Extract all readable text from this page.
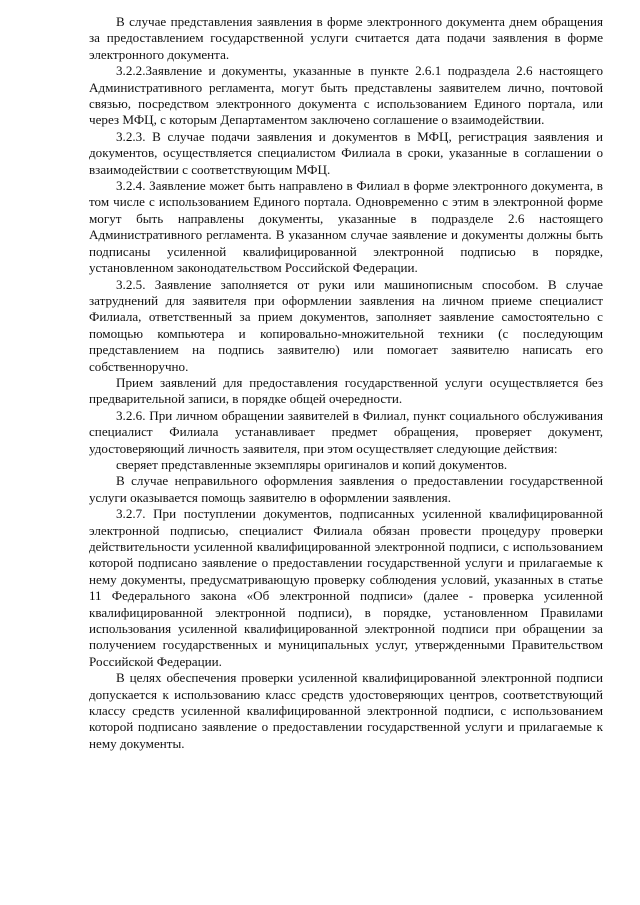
В случае представления заявления в форме электронного документа днем обращения за предоставлением государственной услуги считается дата подачи заявления в форме электронного документа.

3.2.2.Заявление и документы, указанные в пункте 2.6.1 подраздела 2.6 настоящего Административного регламента, могут быть представлены заявителем лично, почтовой связью, посредством электронного документа с использованием Единого портала, или через МФЦ, с которым Департаментом заключено соглашение о взаимодействии.

3.2.3. В случае подачи заявления и документов в МФЦ, регистрация заявления и документов, осуществляется специалистом Филиала в сроки, указанные в соглашении о взаимодействии с соответствующим МФЦ.

3.2.4. Заявление может быть направлено в Филиал в форме электронного документа, в том числе с использованием Единого портала. Одновременно с этим в электронной форме могут быть направлены документы, указанные в подразделе 2.6 настоящего Административного регламента. В указанном случае заявление и документы должны быть подписаны усиленной квалифицированной электронной подписью в порядке, установленном законодательством Российской Федерации.

3.2.5. Заявление заполняется от руки или машинописным способом. В случае затруднений для заявителя при оформлении заявления на личном приеме специалист Филиала, ответственный за прием документов, заполняет заявление самостоятельно с помощью компьютера и копировально-множительной техники (с последующим представлением на подпись заявителю) или помогает заявителю написать его собственноручно.

Прием заявлений для предоставления государственной услуги осуществляется без предварительной записи, в порядке общей очередности.

3.2.6. При личном обращении заявителей в Филиал, пункт социального обслуживания специалист Филиала устанавливает предмет обращения, проверяет документ, удостоверяющий личность заявителя, при этом осуществляет следующие действия:

сверяет представленные экземпляры оригиналов и копий документов.

В случае неправильного оформления заявления о предоставлении государственной услуги оказывается помощь заявителю в оформлении заявления.

3.2.7. При поступлении документов, подписанных усиленной квалифицированной электронной подписью, специалист Филиала обязан провести процедуру проверки действительности усиленной квалифицированной электронной подписи, с использованием которой подписано заявление о предоставлении государственной услуги и прилагаемые к нему документы, предусматривающую проверку соблюдения условий, указанных в статье 11 Федерального закона «Об электронной подписи» (далее - проверка усиленной квалифицированной электронной подписи), в порядке, установленном Правилами использования усиленной квалифицированной электронной подписи при обращении за получением государственных и муниципальных услуг, утвержденными Правительством Российской Федерации.

В целях обеспечения проверки усиленной квалифицированной электронной подписи допускается к использованию класс средств удостоверяющих центров, соответствующий классу средств усиленной квалифицированной электронной подписи, с использованием которой подписано заявление о предоставлении государственной услуги и прилагаемые к нему документы.
